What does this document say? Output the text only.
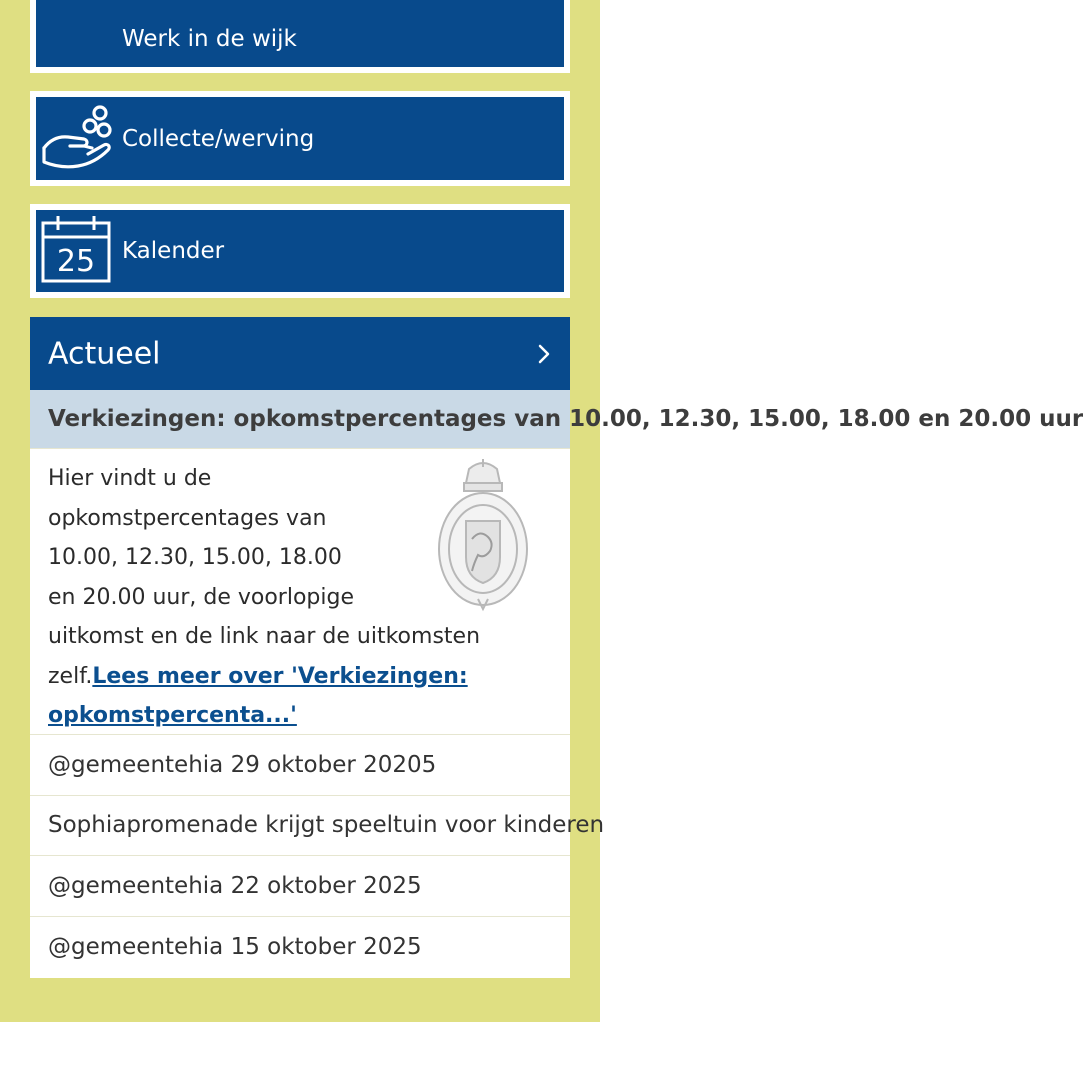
Werk in de wijk
Collecte/werving
25 Kalender
Actueel
Verkiezingen: opkomstpercentages van 10.00, 12.30, 15.00, 18.00 en 20.00 uur

Hier vindt u de

opkomstpercentages van

10.00, 12.30, 15.00, 18.00

en 20.00 uur, de voorlopige

uitkomst en de link naar de uitkomsten

zelf.Lees meer over 'Verkiezingen: opkomstpercenta...'

@gemeentehia 29 oktober 20205
Sophiapromenade krijgt speeltuin voor kinderen
@gemeentehia 22 oktober 2025
@gemeentehia 15 oktober 2025
